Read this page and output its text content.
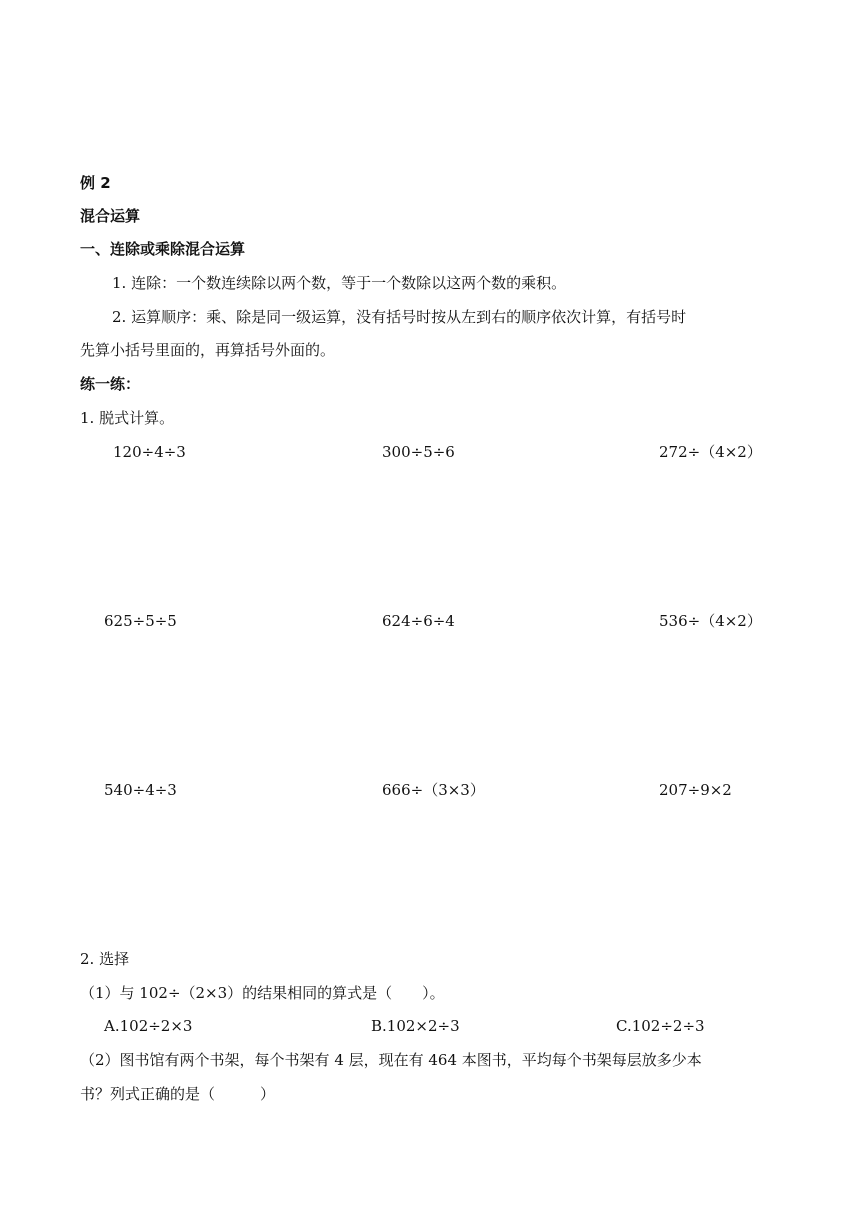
例 2
混合运算
一、连除或乘除混合运算
1. 连除：一个数连续除以两个数，等于一个数除以这两个数的乘积。
2. 运算顺序：乘、除是同一级运算，没有括号时按从左到右的顺序依次计算，有括号时
先算小括号里面的，再算括号外面的。
练一练：
1. 脱式计算。
120÷4÷3	300÷5÷6	272÷（4×2）
625÷5÷5	624÷6÷4	536÷（4×2）
540÷4÷3	666÷（3×3）	207÷9×2
2. 选择
（1）与 102÷（2×3）的结果相同的算式是（　　）。
A.102÷2×3	B.102×2÷3	C.102÷2÷3
（2）图书馆有两个书架，每个书架有 4 层，现在有 464 本图书，平均每个书架每层放多少本
书？列式正确的是（　　　）
